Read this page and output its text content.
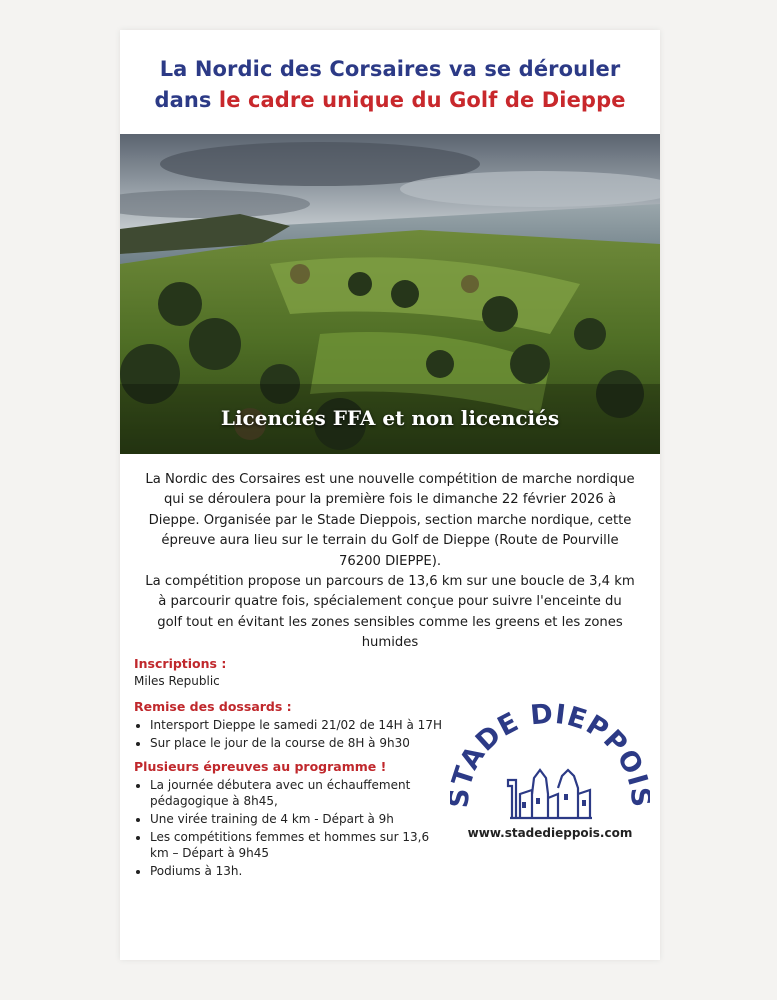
La Nordic des Corsaires va se dérouler
dans le cadre unique du Golf de Dieppe
Licenciés FFA et non licenciés

La Nordic des Corsaires est une nouvelle compétition de marche nordique qui se déroulera pour la première fois le dimanche 22 février 2026 à Dieppe. Organisée par le Stade Dieppois, section marche nordique, cette épreuve aura lieu sur le terrain du Golf de Dieppe (Route de Pourville 76200 DIEPPE).

La compétition propose un parcours de 13,6 km sur une boucle de 3,4 km à parcourir quatre fois, spécialement conçue pour suivre l'enceinte du golf tout en évitant les zones sensibles comme les greens et les zones humides

Inscriptions :
Miles Republic
Remise des dossards :
• Intersport Dieppe le samedi 21/02 de 14H à 17H
• Sur place le jour de la course de 8H à 9h30
Plusieurs épreuves au programme !
• La journée débutera avec un échauffement pédagogique à 8h45,
• Une virée training de 4 km - Départ à 9h
• Les compétitions femmes et hommes sur 13,6 km – Départ à 9h45
• Podiums à 13h.
ADE DIEPPO
www.stadedieppois.com
